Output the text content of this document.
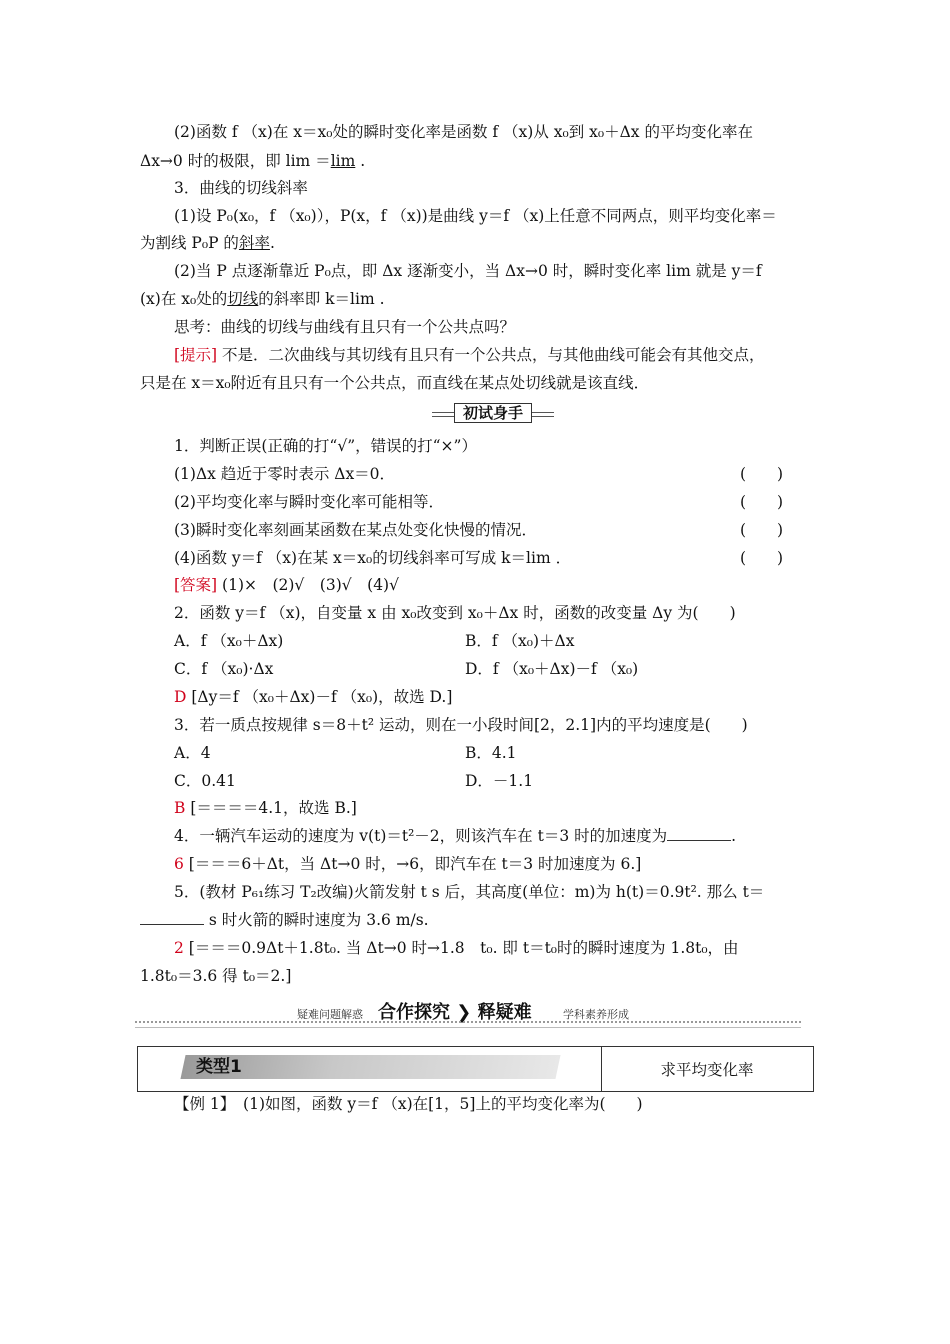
(2)函数 f （x)在 x＝x₀处的瞬时变化率是函数 f （x)从 x₀到 x₀＋Δx 的平均变化率在
Δx→0 时的极限，即 lim ＝lim .
3．曲线的切线斜率
(1)设 P₀(x₀，f （x₀)），P(x，f （x))是曲线 y＝f （x)上任意不同两点，则平均变化率＝
为割线 P₀P 的斜率.
(2)当 P 点逐渐靠近 P₀点，即 Δx 逐渐变小，当 Δx→0 时，瞬时变化率 lim 就是 y＝f
(x)在 x₀处的切线的斜率即 k＝lim .
思考：曲线的切线与曲线有且只有一个公共点吗？
[提示] 不是．二次曲线与其切线有且只有一个公共点，与其他曲线可能会有其他交点，
只是在 x＝x₀附近有且只有一个公共点，而直线在某点处切线就是该直线．
初试身手
1．判断正误(正确的打“√”，错误的打“×”）
(1)Δx 趋近于零时表示 Δx＝0．	(　　)
(2)平均变化率与瞬时变化率可能相等．	(　　)
(3)瞬时变化率刻画某函数在某点处变化快慢的情况．	(　　)
(4)函数 y＝f （x)在某 x＝x₀的切线斜率可写成 k＝lim ．	(　　)
[答案] (1)×　(2)√　(3)√　(4)√
2．函数 y＝f （x)，自变量 x 由 x₀改变到 x₀＋Δx 时，函数的改变量 Δy 为(　　)
A．f （x₀＋Δx)	B．f （x₀)＋Δx
C．f （x₀)·Δx	D．f （x₀＋Δx)－f （x₀)
D [Δy＝f （x₀＋Δx)－f （x₀)，故选 D.]
3．若一质点按规律 s＝8＋t² 运动，则在一小段时间[2，2.1]内的平均速度是(　　)
A．4	B．4.1
C．0.41	D．－1.1
B [＝＝＝＝4.1，故选 B.]
4．一辆汽车运动的速度为 v(t)＝t²－2，则该汽车在 t＝3 时的加速度为	.
6 [＝＝＝6＋Δt，当 Δt→0 时，→6，即汽车在 t＝3 时加速度为 6.]
5．(教材 P₆₁练习 T₂改编)火箭发射 t s 后，其高度(单位：m)为 h(t)＝0.9t². 那么 t＝
s 时火箭的瞬时速度为 3.6 m/s.
2 [＝＝＝0.9Δt＋1.8t₀. 当 Δt→0 时→1.8　t₀. 即 t＝t₀时的瞬时速度为 1.8t₀，由
1.8t₀＝3.6 得 t₀＝2.]
疑难问题解惑 合作探究 ❯ 释疑难	学科素养形成
类型1	求平均变化率
【例 1】　(1)如图，函数 y＝f （x)在[1，5]上的平均变化率为(　　)
